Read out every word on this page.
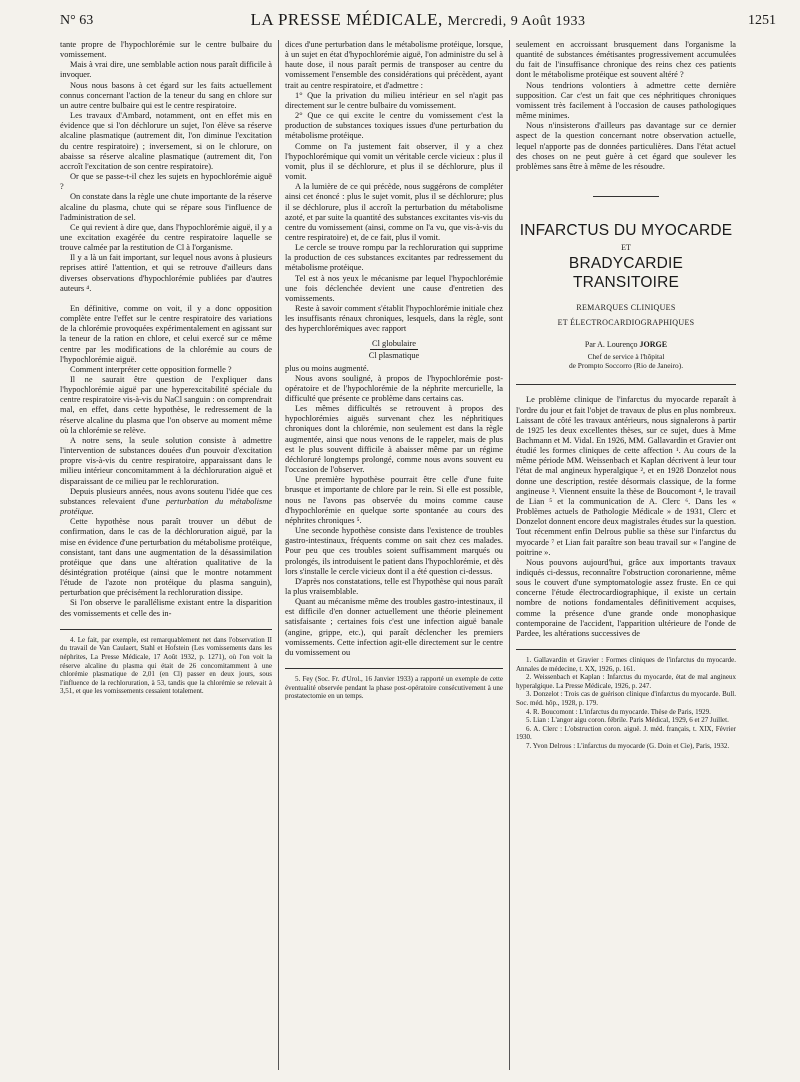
N° 63	LA PRESSE MÉDICALE, Mercredi, 9 Août 1933	1251

tante propre de l'hypochlorémie sur le centre bulbaire du vomissement.

Mais à vrai dire, une semblable action nous paraît difficile à invoquer.

Nous nous basons à cet égard sur les faits actuellement connus concernant l'action de la teneur du sang en chlore sur un autre centre bulbaire qui est le centre respiratoire.

Les travaux d'Ambard, notamment, ont en effet mis en évidence que si l'on déchlorure un sujet, l'on élève sa réserve alcaline plasmatique (autrement dit, l'on diminue l'excitation du centre respiratoire) ; inversement, si on le chlorure, on abaisse sa réserve alcaline plasmatique (autrement dit, l'on accroît l'excitation de son centre respiratoire).

Or que se passe-t-il chez les sujets en hypochlorémie aiguë ?

On constate dans la règle une chute importante de la réserve alcaline du plasma, chute qui se répare sous l'influence de l'administration de sel.

Ce qui revient à dire que, dans l'hypochlorémie aiguë, il y a une excitation exagérée du centre respiratoire laquelle se trouve calmée par la restitution de Cl à l'organisme.

Il y a là un fait important, sur lequel nous avons à plusieurs reprises attiré l'attention, et qui se retrouve d'ailleurs dans diverses observations d'hypochlorémie publiées par d'autres auteurs ⁴.

En définitive, comme on voit, il y a donc opposition complète entre l'effet sur le centre respiratoire des variations de la chlorémie provoquées expérimentalement en agissant sur la teneur de la ration en chlore, et celui exercé sur ce même centre par les modifications de la chlorémie au cours de l'hypochlorémie aiguë.

Comment interpréter cette opposition formelle ?

Il ne saurait être question de l'expliquer dans l'hypochlorémie aiguë par une hyperexcitabilité spéciale du centre respiratoire vis-à-vis du NaCl sanguin : on comprendrait mal, en effet, dans cette hypothèse, le redressement de la réserve alcaline du plasma que l'on observe au moment même où la chlorémie se relève.

A notre sens, la seule solution consiste à admettre l'intervention de substances douées d'un pouvoir d'excitation propre vis-à-vis du centre respiratoire, apparaissant dans le milieu intérieur concomitamment à la déchloruration aiguë et disparaissant de ce milieu par le rechloruration.

Depuis plusieurs années, nous avons soutenu l'idée que ces substances relevaient d'une perturbation du métabolisme protéique.

Cette hypothèse nous paraît trouver un début de confirmation, dans le cas de la déchloruration aiguë, par la mise en évidence d'une perturbation du métabolisme protéique, consistant, tant dans une augmentation de la désassimilation protéique que dans une altération qualitative de la désintégration protéique (ainsi que le montre notamment l'étude de l'azote non protéique du plasma sanguin), perturbation que précisément la rechloruration dissipe.

Si l'on observe le parallélisme existant entre la disparition des vomissements et celle des in-

4. Le fait, par exemple, est remarquablement net dans l'observation II du travail de Van Caulaert, Stahl et Hofstein (Les vomissements dans les néphrites, La Presse Médicale, 17 Août 1932, p. 1271), où l'on voit la réserve alcaline du plasma qui était de 26 concomitamment à une chlorémie plasmatique de 2,01 (en Cl) passer en deux jours, sous l'influence de la rechloruration, à 53, tandis que la chlorémie se relevait à 3,51, et que les vomissements cessaient totalement.

dices d'une perturbation dans le métabolisme protéique, lorsque, à un sujet en état d'hypochlorémie aiguë, l'on administre du sel à haute dose, il nous paraît permis de transposer au centre du vomissement l'ensemble des considérations qui précèdent, ayant trait au centre respiratoire, et d'admettre :

1° Que la privation du milieu intérieur en sel n'agit pas directement sur le centre bulbaire du vomissement.

2° Que ce qui excite le centre du vomissement c'est la production de substances toxiques issues d'une perturbation du métabolisme protéique.

Comme on l'a justement fait observer, il y a chez l'hypochlorémique qui vomit un véritable cercle vicieux : plus il vomit, plus il se déchlorure, et plus il se déchlorure, plus il vomit.

A la lumière de ce qui précède, nous suggérons de compléter ainsi cet énoncé : plus le sujet vomit, plus il se déchlorure; plus il se déchlorure, plus il accroît la perturbation du métabolisme azoté, et par suite la quantité des substances excitantes vis-vis du centre du vomissement (ainsi, comme on l'a vu, que vis-à-vis du centre respiratoire) et, de ce fait, plus il vomit.

Le cercle se trouve rompu par la rechloruration qui supprime la production de ces substances excitantes par redressement du métabolisme protéique.

Tel est à nos yeux le mécanisme par lequel l'hypochlorémie une fois déclenchée devient une cause d'entretien des vomissements.

Reste à savoir comment s'établit l'hypochlorémie initiale chez les insuffisants rénaux chroniques, lesquels, dans la règle, sont des hyperchlorémiques avec rapport

Cl globulaire
Cl plasmatique

plus ou moins augmenté.

Nous avons souligné, à propos de l'hypochlorémie post-opératoire et de l'hypochlorémie de la néphrite mercurielle, la difficulté que présente ce problème dans certains cas.

Les mêmes difficultés se retrouvent à propos des hypochlorémies aiguës survenant chez les néphritiques chroniques dont la chlorémie, non seulement est dans la règle augmentée, ainsi que nous venons de le rappeler, mais de plus est le plus souvent difficile à abaisser même par un régime déchloruré longtemps prolongé, comme nous avons souvent eu l'occasion de l'observer.

Une première hypothèse pourrait être celle d'une fuite brusque et importante de chlore par le rein. Si elle est possible, nous ne l'avons pas observée du moins comme cause d'hypochlorémie en quelque sorte spontanée au cours des néphrites chroniques ⁵.

Une seconde hypothèse consiste dans l'existence de troubles gastro-intestinaux, fréquents comme on sait chez ces malades. Pour peu que ces troubles soient suffisamment marqués ou prolongés, ils introduisent le patient dans l'hypochlorémie, et dès lors s'installe le cercle vicieux dont il a été question ci-dessus.

D'après nos constatations, telle est l'hypothèse qui nous paraît la plus vraisemblable.

Quant au mécanisme même des troubles gastro-intestinaux, il est difficile d'en donner actuellement une théorie pleinement satisfaisante ; certaines fois c'est une infection aiguë banale (angine, grippe, etc.), qui paraît déclencher les premiers vomissements. Cette infection agit-elle directement sur le centre du vomissement ou

5. Fey (Soc. Fr. d'Urol., 16 Janvier 1933) a rapporté un exemple de cette éventualité observée pendant la phase post-opératoire consécutivement à une prostatectomie en un temps.

seulement en accroissant brusquement dans l'organisme la quantité de substances émétisantes progressivement accumulées du fait de l'insuffisance chronique des reins chez ces patients dont le métabolisme protéique est souvent altéré ?

Nous tendrions volontiers à admettre cette dernière supposition. Car c'est un fait que ces néphritiques chroniques vomissent très facilement à l'occasion de causes pathologiques même minimes.

Nous n'insisterons d'ailleurs pas davantage sur ce dernier aspect de la question concernant notre observation actuelle, lequel n'apporte pas de données particulières. Dans l'état actuel des choses on ne peut guère à cet égard que soulever les problèmes sans être à même de les résoudre.

INFARCTUS DU MYOCARDE
ET
BRADYCARDIE TRANSITOIRE
REMARQUES CLINIQUES
ET ÉLECTROCARDIOGRAPHIQUES
Par A. Lourenço JORGE
Chef de service à l'hôpital
de Prompto Soccorro (Rio de Janeiro).

Le problème clinique de l'infarctus du myocarde reparaît à l'ordre du jour et fait l'objet de travaux de plus en plus nombreux. Laissant de côté les travaux antérieurs, nous signalerons à partir de 1925 les deux excellentes thèses, sur ce sujet, dues à Mme Bachmann et M. Vidal. En 1926, MM. Gallavardin et Gravier ont étudié les formes cliniques de cette affection ¹. Au cours de la même période MM. Weissenbach et Kaplan décrivent à leur tour l'état de mal angineux hyperalgique ², et en 1928 Donzelot nous donne une description, restée désormais classique, de la forme angineuse ³. Viennent ensuite la thèse de Boucomont ⁴, le travail de Lian ⁵ et la communication de A. Clerc ⁶. Dans les « Problèmes actuels de Pathologie Médicale » de 1931, Clerc et Donzelot donnent encore deux magistrales études sur la question. Tout récemment enfin Delrous publie sa thèse sur l'infarctus du myocarde ⁷ et Lian fait paraître son beau travail sur « l'angine de poitrine ».

Nous pouvons aujourd'hui, grâce aux importants travaux indiqués ci-dessus, reconnaître l'obstruction coronarienne, même sous le couvert d'une symptomatologie assez fruste. En ce qui concerne l'étude électrocardiographique, il existe un certain nombre de notions fondamentales définitivement acquises, comme la présence d'une grande onde monophasique contemporaine de l'accident, l'apparition ultérieure de l'onde de Pardee, les altérations successives de

1. Gallavardin et Gravier : Formes cliniques de l'infarctus du myocarde. Annales de médecine, t. XX, 1926, p. 161.

2. Weissenbach et Kaplan : Infarctus du myocarde, état de mal angineux hyperalgique. La Presse Médicale, 1926, p. 247.

3. Donzelot : Trois cas de guérison clinique d'infarctus du myocarde. Bull. Soc. méd. hôp., 1928, p. 179.

4. R. Boucomont : L'infarctus du myocarde. Thèse de Paris, 1929.

5. Lian : L'angor aigu coron. fébrile. Paris Médical, 1929, 6 et 27 Juillet.

6. A. Clerc : L'obstruction coron. aiguë. J. méd. français, t. XIX, Février 1930.

7. Yvon Delrous : L'infarctus du myocarde (G. Doin et Cie), Paris, 1932.
